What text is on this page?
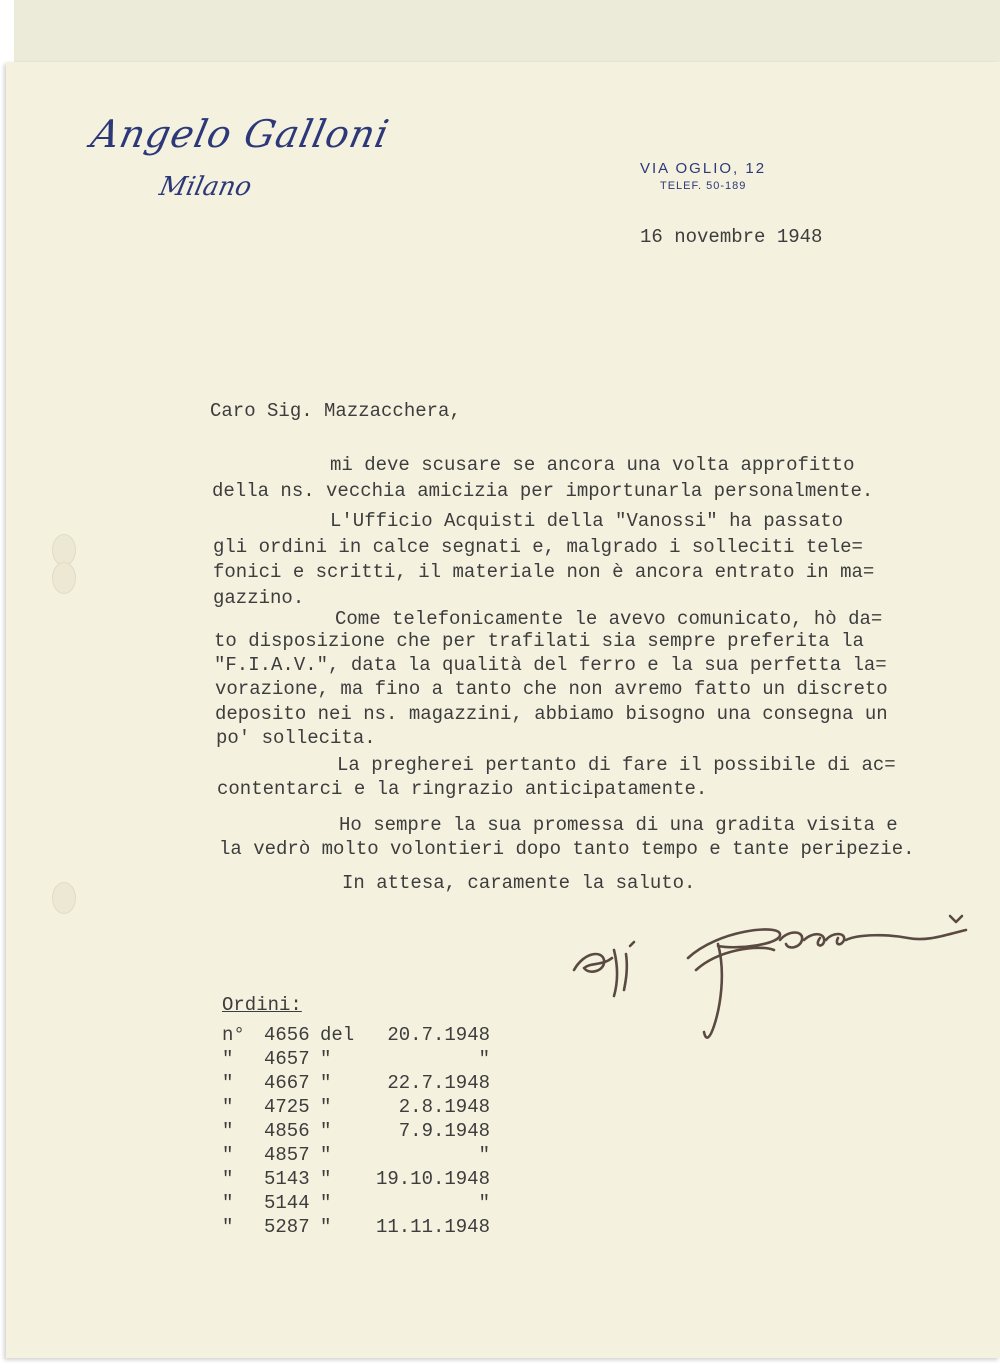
Angelo Galloni
Milano
VIA OGLIO, 12
TELEF. 50-189
16 novembre 1948
Caro Sig. Mazzacchera,
mi deve scusare se ancora una volta approfitto
della ns. vecchia amicizia per importunarla personalmente.
L'Ufficio Acquisti della "Vanossi" ha passato
gli ordini in calce segnati e, malgrado i solleciti tele=
fonici e scritti, il materiale non è ancora entrato in ma=
gazzino.
Come telefonicamente le avevo comunicato, hò da=
to disposizione che per trafilati sia sempre preferita la
"F.I.A.V.", data la qualità del ferro e la sua perfetta la=
vorazione, ma fino a tanto che non avremo fatto un discreto
deposito nei ns. magazzini, abbiamo bisogno una consegna un
po' sollecita.
La pregherei pertanto di fare il possibile di ac=
contentarci e la ringrazio anticipatamente.
Ho sempre la sua promessa di una gradita visita e
la vedrò molto volontieri dopo tanto tempo e tante peripezie.
In attesa, caramente la saluto.
Ordini:
n°	4656 del	20.7.1948
"	4657 "	"
"	4667 "	22.7.1948
"	4725 "	2.8.1948
"	4856 "	7.9.1948
"	4857 "	"
"	5143 "	19.10.1948
"	5144 "	"
"	5287 "	11.11.1948
